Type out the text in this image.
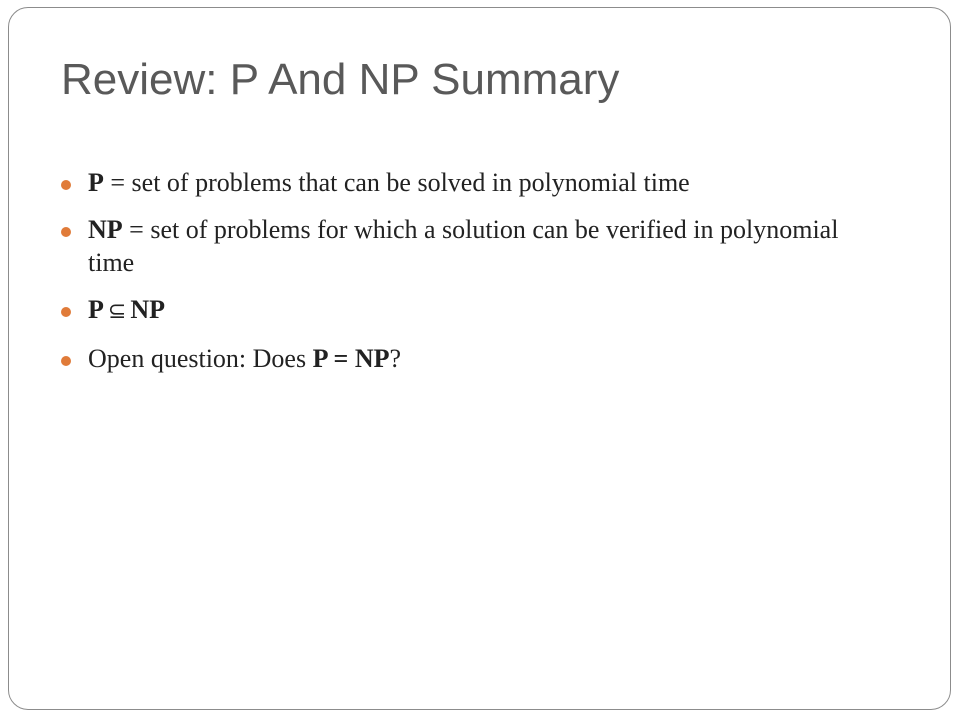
Review: P And NP Summary
P = set of problems that can be solved in polynomial time
NP = set of problems for which a solution can be verified in polynomial time
P ⊆ NP
Open question: Does P = NP?
